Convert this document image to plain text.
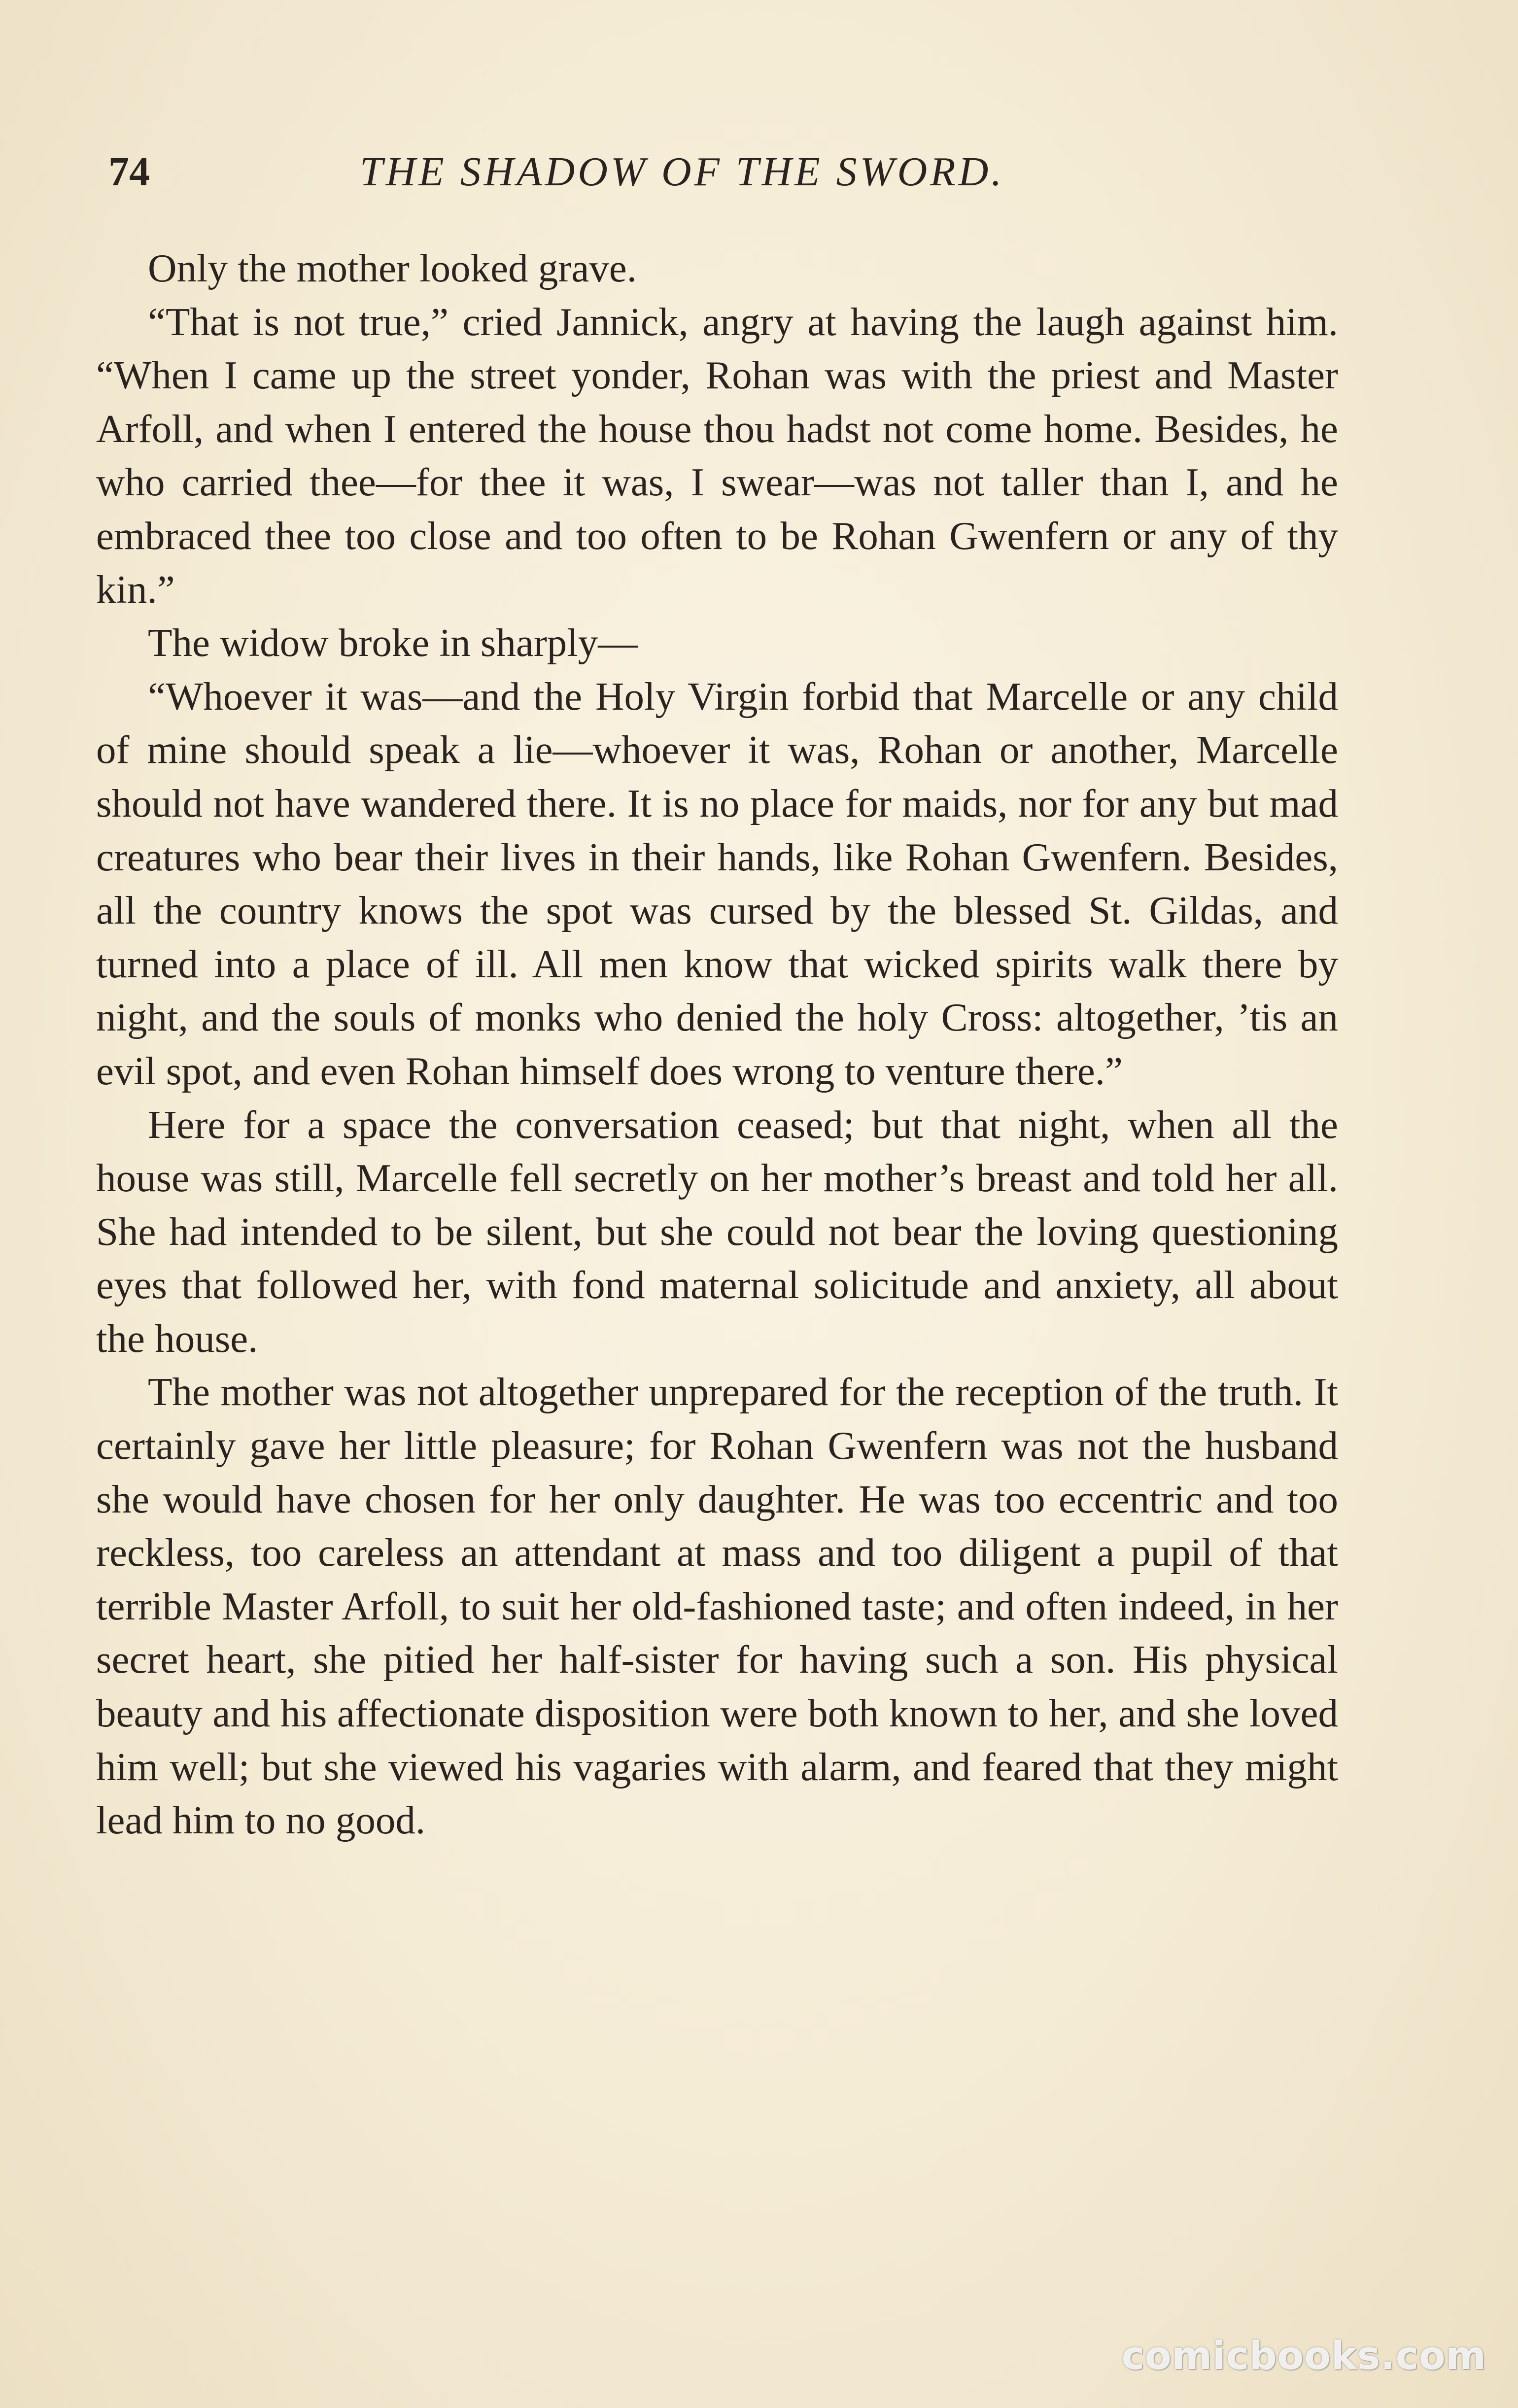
74	THE SHADOW OF THE SWORD.

Only the mother looked grave.

“That is not true,” cried Jannick, angry at having the laugh against him. “When I came up the street yonder, Rohan was with the priest and Master Arfoll, and when I entered the house thou hadst not come home. Besides, he who carried thee—for thee it was, I swear—was not taller than I, and he embraced thee too close and too often to be Rohan Gwenfern or any of thy kin.”

The widow broke in sharply—

“Whoever it was—and the Holy Virgin forbid that Marcelle or any child of mine should speak a lie—whoever it was, Rohan or another, Marcelle should not have wandered there. It is no place for maids, nor for any but mad creatures who bear their lives in their hands, like Rohan Gwenfern. Besides, all the country knows the spot was cursed by the blessed St. Gildas, and turned into a place of ill. All men know that wicked spirits walk there by night, and the souls of monks who denied the holy Cross: altogether, ’tis an evil spot, and even Rohan himself does wrong to venture there.”

Here for a space the conversation ceased; but that night, when all the house was still, Marcelle fell secretly on her mother’s breast and told her all. She had intended to be silent, but she could not bear the loving questioning eyes that followed her, with fond maternal solicitude and anxiety, all about the house.

The mother was not altogether unprepared for the reception of the truth. It certainly gave her little pleasure; for Rohan Gwenfern was not the husband she would have chosen for her only daughter. He was too eccentric and too reckless, too careless an attendant at mass and too diligent a pupil of that terrible Master Arfoll, to suit her old-fashioned taste; and often indeed, in her secret heart, she pitied her half-sister for having such a son. His physical beauty and his affectionate disposition were both known to her, and she loved him well; but she viewed his vagaries with alarm, and feared that they might lead him to no good.

comicbooks.com
